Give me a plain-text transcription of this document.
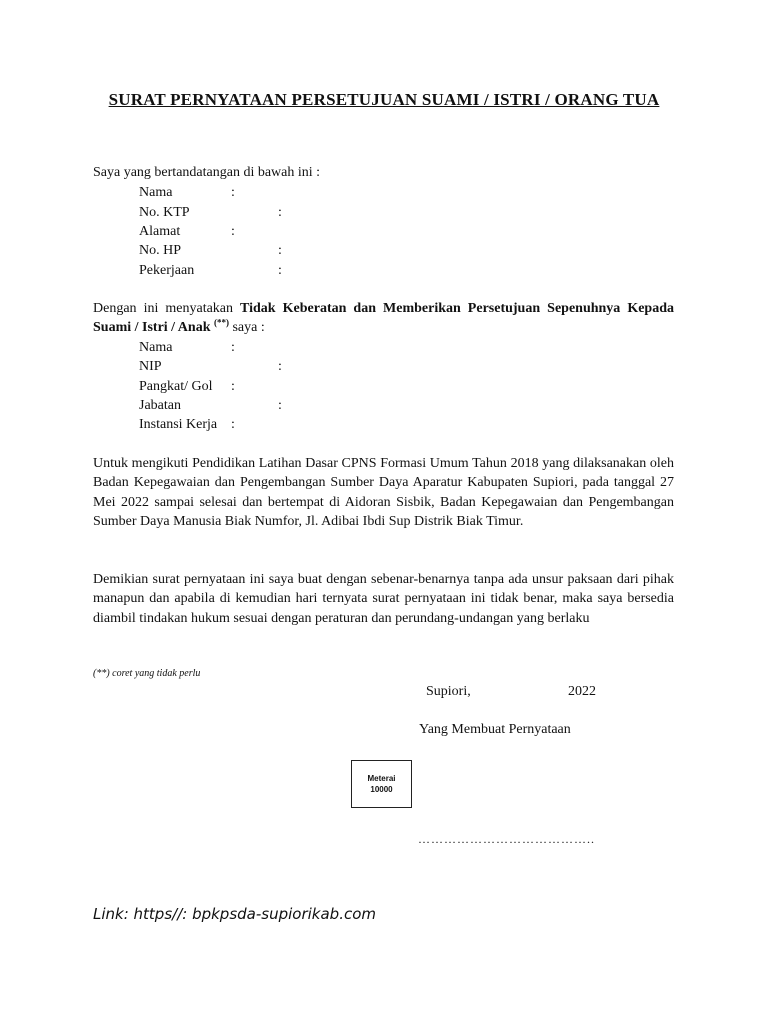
SURAT PERNYATAAN PERSETUJUAN SUAMI / ISTRI / ORANG TUA
Saya yang bertandatangan di bawah ini :
Nama	:
No. KTP	:
Alamat	:
No. HP	:
Pekerjaan	:
Dengan ini menyatakan Tidak Keberatan dan Memberikan Persetujuan Sepenuhnya Kepada Suami / Istri / Anak (**) saya :
Nama	:
NIP	:
Pangkat/ Gol :
Jabatan	:
Instansi Kerja :
Untuk mengikuti Pendidikan Latihan Dasar CPNS Formasi Umum Tahun 2018 yang dilaksanakan oleh Badan Kepegawaian dan Pengembangan Sumber Daya Aparatur Kabupaten Supiori, pada tanggal 27 Mei 2022 sampai selesai dan bertempat di Aidoran Sisbik, Badan Kepegawaian dan Pengembangan Sumber Daya Manusia Biak Numfor, Jl. Adibai Ibdi Sup Distrik Biak Timur.
Demikian surat pernyataan ini saya buat dengan sebenar-benarnya tanpa ada unsur paksaan dari pihak manapun dan apabila di kemudian hari ternyata surat pernyataan ini tidak benar, maka saya bersedia diambil tindakan hukum sesuai dengan peraturan dan perundang-undangan yang berlaku
(**) coret yang tidak perlu
Supiori,	2022
Yang Membuat Pernyataan
Meterai
10000
…………………………………..
Link: https//: bpkpsda-supiorikab.com
